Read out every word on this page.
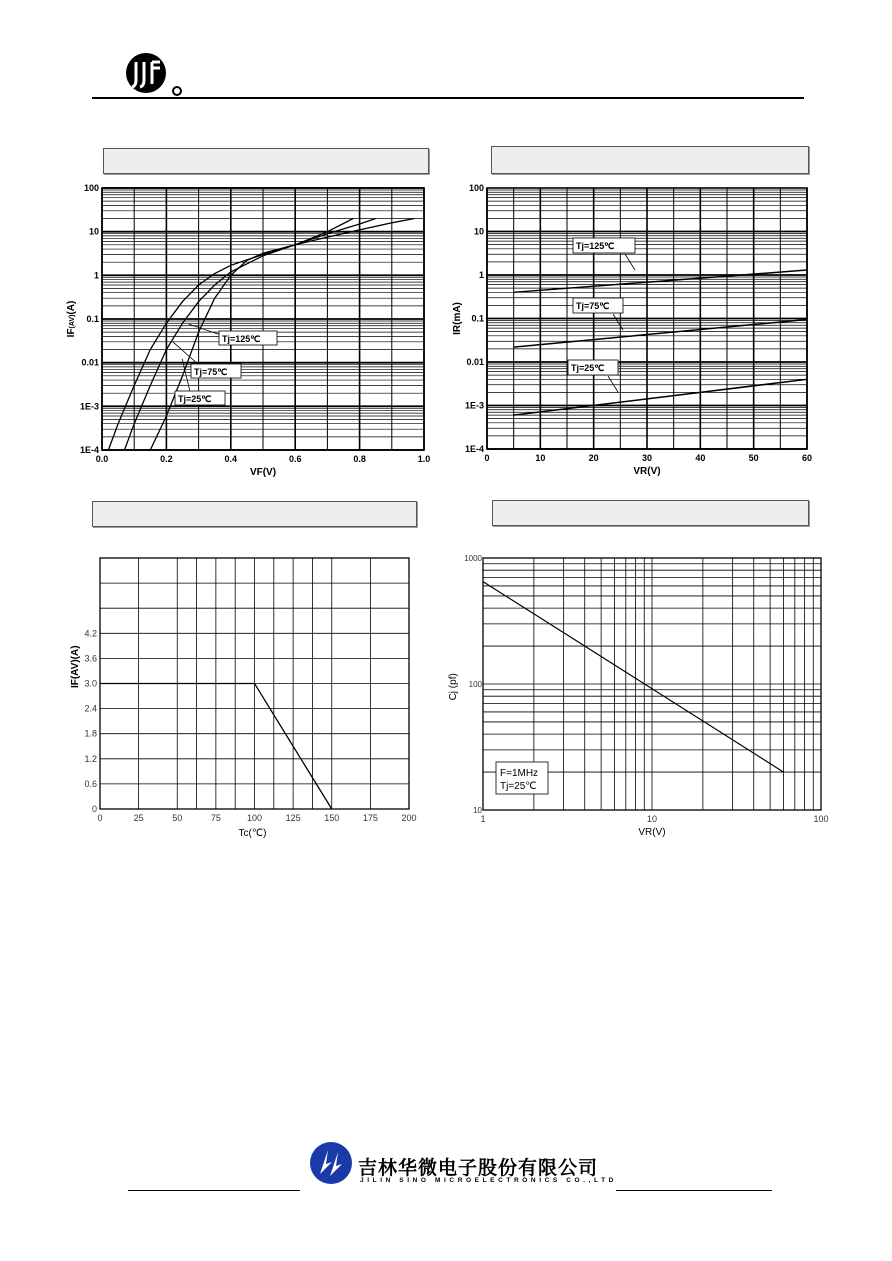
0.0	0.2	0.4	0.6	0.8	1.0
1E-4
1E-3
0.01
0.1
1
10
100
VF(V)
IF(AV)(A)
Tj=125℃
Tj=75℃
Tj=25℃
0	10	20	30	40	50	60
1E-4
1E-3
0.01
0.1
1
10
100
VR(V)
IR(mA)
Tj=125℃
Tj=75℃
Tj=25℃
0	25	50	75	100	125	150	175	200
0
0.6
1.2
1.8
2.4
3.0
3.6
4.2
Tc(℃)
IF(AV)(A)
1	10	100
10
100
1000
VR(V)
Cj (pf)
F=1MHz
Tj=25℃
吉林华微电子股份有限公司
JILIN SINO MICROELECTRONICS CO.,LTD
